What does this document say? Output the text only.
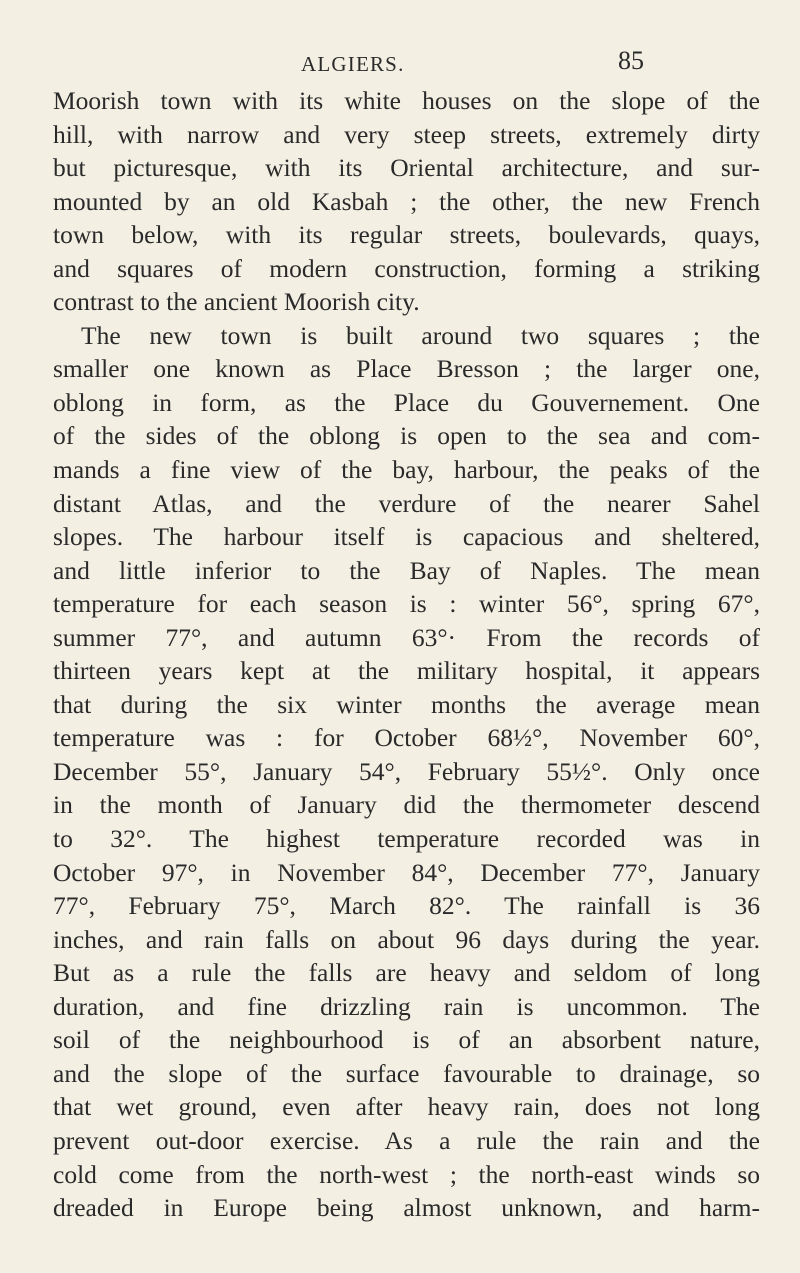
ALGIERS.	85
Moorish town with its white houses on the slope of the
hill, with narrow and very steep streets, extremely dirty
but picturesque, with its Oriental architecture, and sur-
mounted by an old Kasbah ; the other, the new French
town below, with its regular streets, boulevards, quays,
and squares of modern construction, forming a striking
contrast to the ancient Moorish city.
The new town is built around two squares ; the
smaller one known as Place Bresson ; the larger one,
oblong in form, as the Place du Gouvernement. One
of the sides of the oblong is open to the sea and com-
mands a fine view of the bay, harbour, the peaks of the
distant Atlas, and the verdure of the nearer Sahel
slopes. The harbour itself is capacious and sheltered,
and little inferior to the Bay of Naples. The mean
temperature for each season is : winter 56°, spring 67°,
summer 77°, and autumn 63°· From the records of
thirteen years kept at the military hospital, it appears
that during the six winter months the average mean
temperature was : for October 68½°, November 60°,
December 55°, January 54°, February 55½°. Only once
in the month of January did the thermometer descend
to 32°. The highest temperature recorded was in
October 97°, in November 84°, December 77°, January
77°, February 75°, March 82°. The rainfall is 36
inches, and rain falls on about 96 days during the year.
But as a rule the falls are heavy and seldom of long
duration, and fine drizzling rain is uncommon. The
soil of the neighbourhood is of an absorbent nature,
and the slope of the surface favourable to drainage, so
that wet ground, even after heavy rain, does not long
prevent out-door exercise. As a rule the rain and the
cold come from the north-west ; the north-east winds so
dreaded in Europe being almost unknown, and harm-
